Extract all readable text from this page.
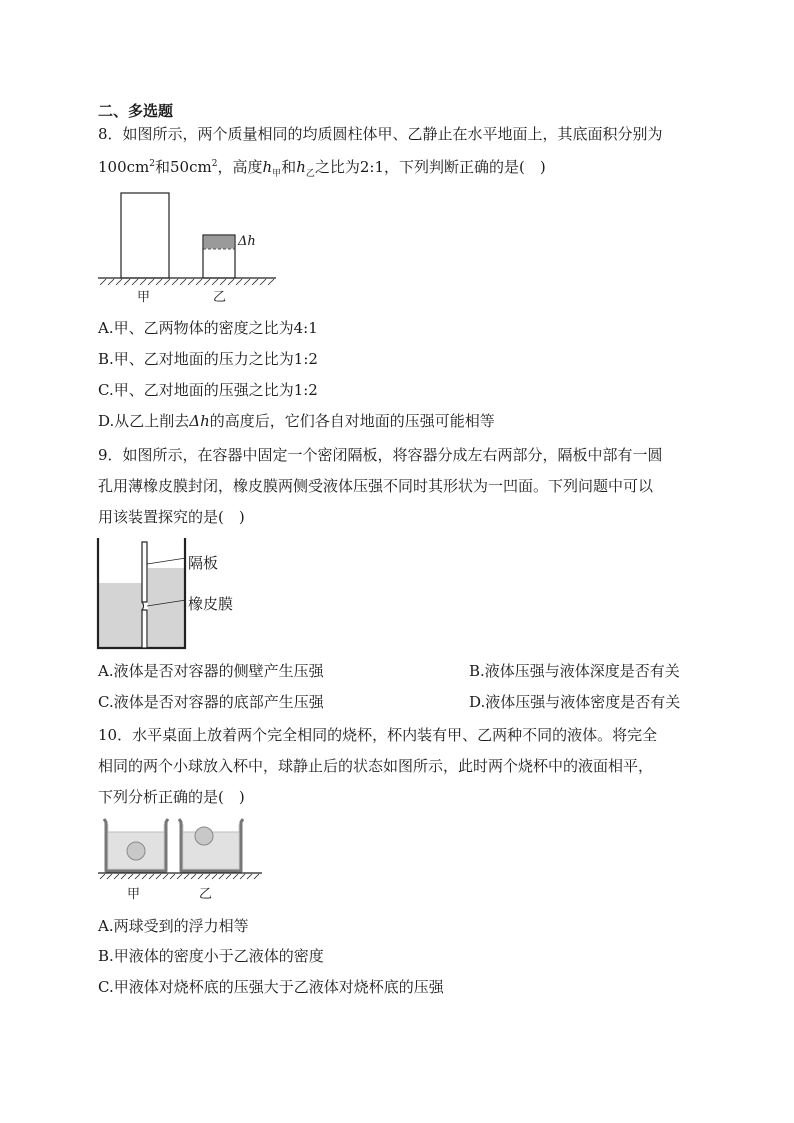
二、多选题
8．如图所示，两个质量相同的均质圆柱体甲、乙静止在水平地面上，其底面积分别为
$100cm^2$和$50cm^2$，高度$h_甲$和$h_乙$之比为2:1，下列判断正确的是(　)
Δh
甲	乙
A.甲、乙两物体的密度之比为4:1
B.甲、乙对地面的压力之比为1:2
C.甲、乙对地面的压强之比为1:2
D.从乙上削去Δh的高度后，它们各自对地面的压强可能相等
9．如图所示，在容器中固定一个密闭隔板，将容器分成左右两部分，隔板中部有一圆
孔用薄橡皮膜封闭，橡皮膜两侧受液体压强不同时其形状为一凹面。下列问题中可以
用该装置探究的是(　)
隔板
橡皮膜
A.液体是否对容器的侧壁产生压强	B.液体压强与液体深度是否有关
C.液体是否对容器的底部产生压强	D.液体压强与液体密度是否有关
10．水平桌面上放着两个完全相同的烧杯，杯内装有甲、乙两种不同的液体。将完全
相同的两个小球放入杯中，球静止后的状态如图所示，此时两个烧杯中的液面相平，
下列分析正确的是(　)
甲	乙
A.两球受到的浮力相等
B.甲液体的密度小于乙液体的密度
C.甲液体对烧杯底的压强大于乙液体对烧杯底的压强
